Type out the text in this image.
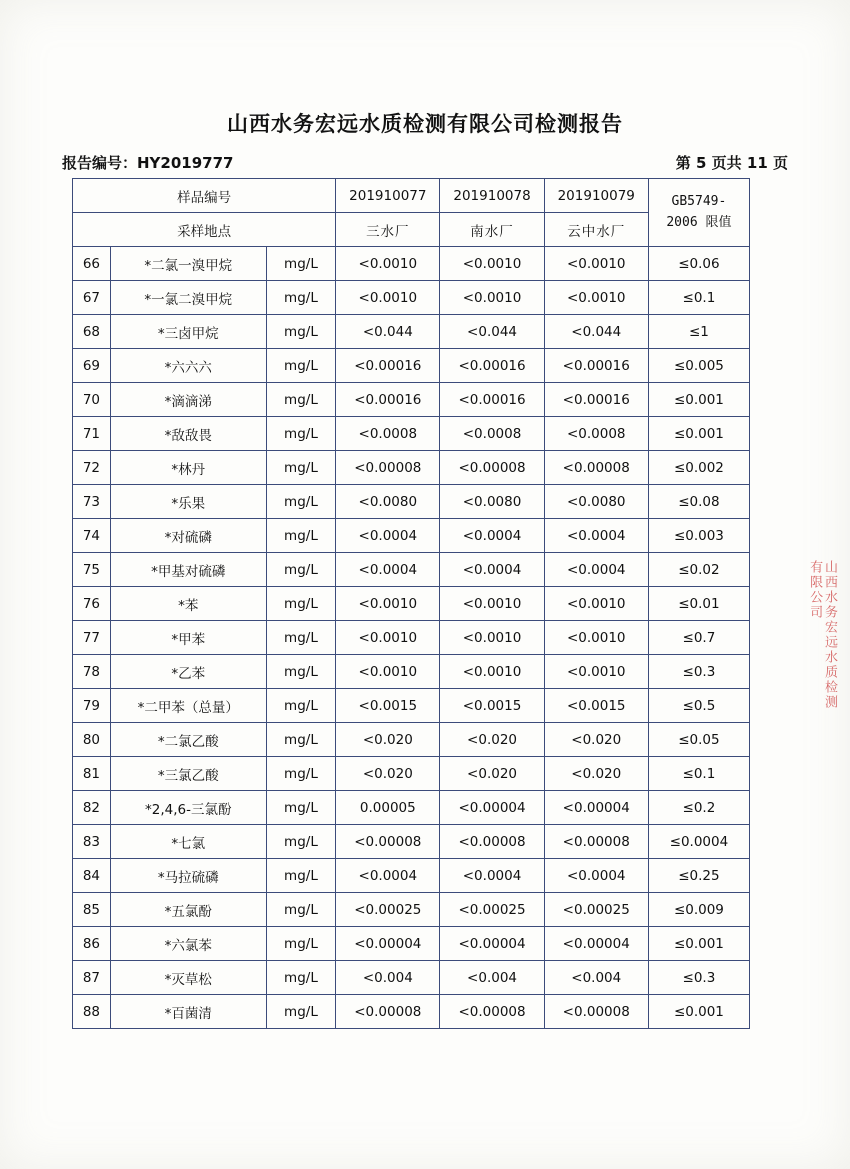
山西水务宏远水质检测有限公司检测报告
报告编号：HY2019777	第 5 页共 11 页
样品编号			201910077	201910078	201910079	GB5749-
2006 限值

采样地点			三水厂	南水厂	云中水厂	
66	*二氯一溴甲烷	mg/L	<0.0010	<0.0010	<0.0010	≤0.06
67	*一氯二溴甲烷	mg/L	<0.0010	<0.0010	<0.0010	≤0.1
68	*三卤甲烷	mg/L	<0.044	<0.044	<0.044	≤1
69	*六六六	mg/L	<0.00016	<0.00016	<0.00016	≤0.005
70	*滴滴涕	mg/L	<0.00016	<0.00016	<0.00016	≤0.001
71	*敌敌畏	mg/L	<0.0008	<0.0008	<0.0008	≤0.001
72	*林丹	mg/L	<0.00008	<0.00008	<0.00008	≤0.002
73	*乐果	mg/L	<0.0080	<0.0080	<0.0080	≤0.08
74	*对硫磷	mg/L	<0.0004	<0.0004	<0.0004	≤0.003
75	*甲基对硫磷	mg/L	<0.0004	<0.0004	<0.0004	≤0.02
76	*苯	mg/L	<0.0010	<0.0010	<0.0010	≤0.01
77	*甲苯	mg/L	<0.0010	<0.0010	<0.0010	≤0.7
78	*乙苯	mg/L	<0.0010	<0.0010	<0.0010	≤0.3
79	*二甲苯（总量）	mg/L	<0.0015	<0.0015	<0.0015	≤0.5
80	*二氯乙酸	mg/L	<0.020	<0.020	<0.020	≤0.05
81	*三氯乙酸	mg/L	<0.020	<0.020	<0.020	≤0.1
82	*2,4,6-三氯酚	mg/L	0.00005	<0.00004	<0.00004	≤0.2
83	*七氯	mg/L	<0.00008	<0.00008	<0.00008	≤0.0004
84	*马拉硫磷	mg/L	<0.0004	<0.0004	<0.0004	≤0.25
85	*五氯酚	mg/L	<0.00025	<0.00025	<0.00025	≤0.009
86	*六氯苯	mg/L	<0.00004	<0.00004	<0.00004	≤0.001
87	*灭草松	mg/L	<0.004	<0.004	<0.004	≤0.3
88	*百菌清	mg/L	<0.00008	<0.00008	<0.00008	≤0.001
山西水务宏远水质检测有限公司
